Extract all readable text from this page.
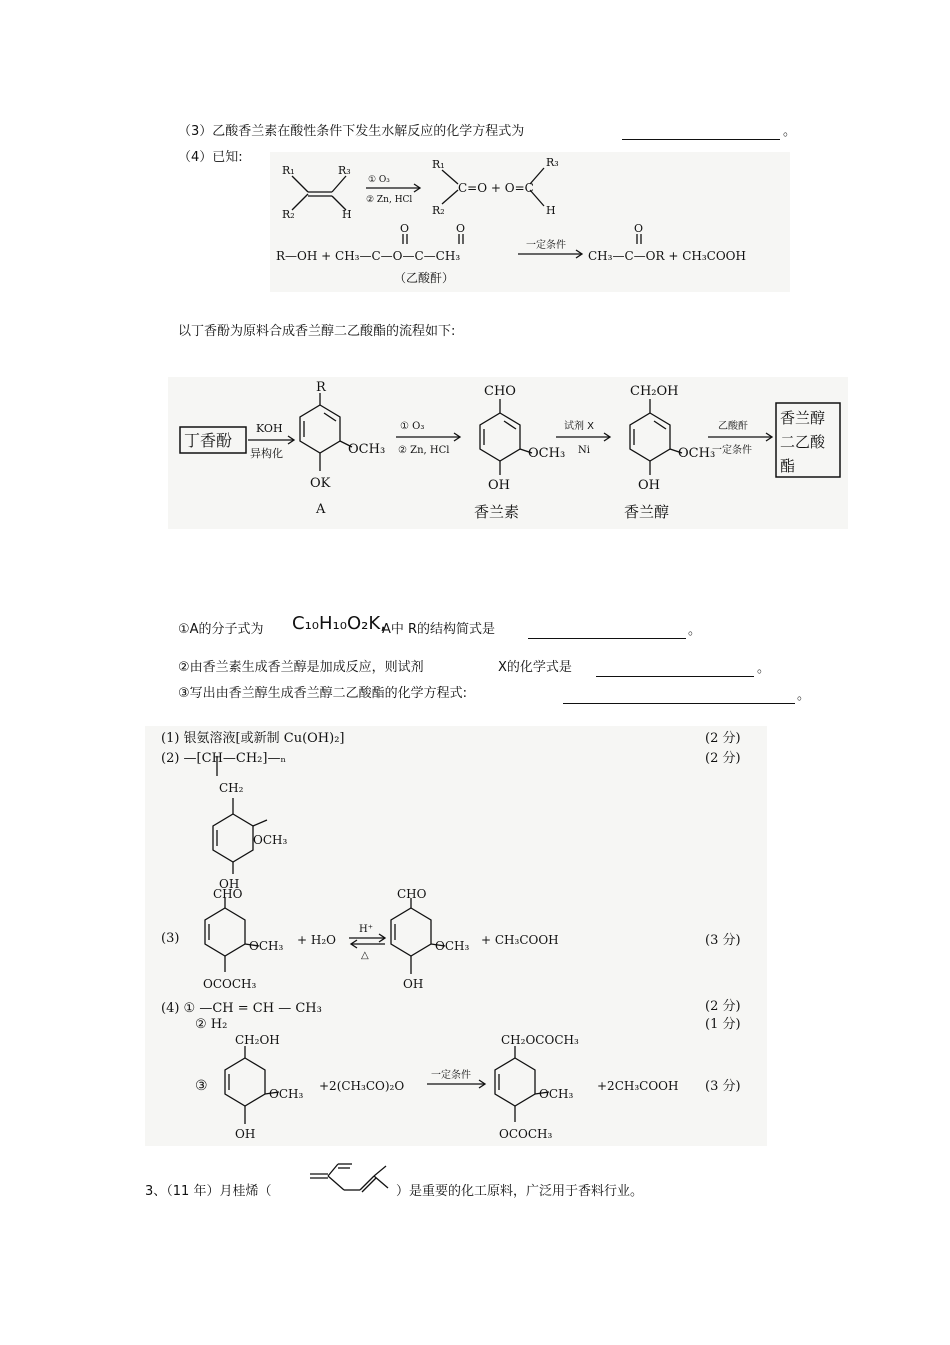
（3）乙酸香兰素在酸性条件下发生水解反应的化学方程式为	。
（4）已知:
R₁
R₂
R₃
H
① O₃
② Zn, HCl
R₁
R₂
C=O + O=C
R₃
H
O	O
R—OH + CH₃—C—O—C—CH₃
（乙酸酐）
一定条件
O
CH₃—C—OR + CH₃COOH
以丁香酚为原料合成香兰醇二乙酸酯的流程如下:
丁香酚
KOH
异构化
R
OCH₃
OK
A
① O₃
② Zn, HCl
CHO
OCH₃
OH
香兰素
试剂 X
Ni
CH₂OH
OCH₃
OH
香兰醇
乙酸酐
一定条件
香兰醇
二乙酸
酯
①A的分子式为 C₁₀H₁₀O₂K,
A中 R的结构简式是	。
②由香兰素生成香兰醇是加成反应，则试剂	X的化学式是	。
③写出由香兰醇生成香兰醇二乙酸酯的化学方程式:	。
(1) 银氨溶液[或新制 Cu(OH)₂]	(2 分)
(2) —[CH—CH₂]—ₙ	(2 分)
CH₂
OCH₃
OH
CHO
(3)	OCH₃
OCOCH₃
+ H₂O
H⁺
△
CHO
OCH₃
OH
+ CH₃COOH	(3 分)
(4) ① —CH = CH — CH₃	(2 分)
② H₂	(1 分)
③
CH₂OH
OCH₃
OH
+2(CH₃CO)₂O
一定条件
CH₂OCOCH₃
OCH₃
OCOCH₃
+2CH₃COOH (3 分)
3、（11 年）月桂烯（	）是重要的化工原料，广泛用于香料行业。
